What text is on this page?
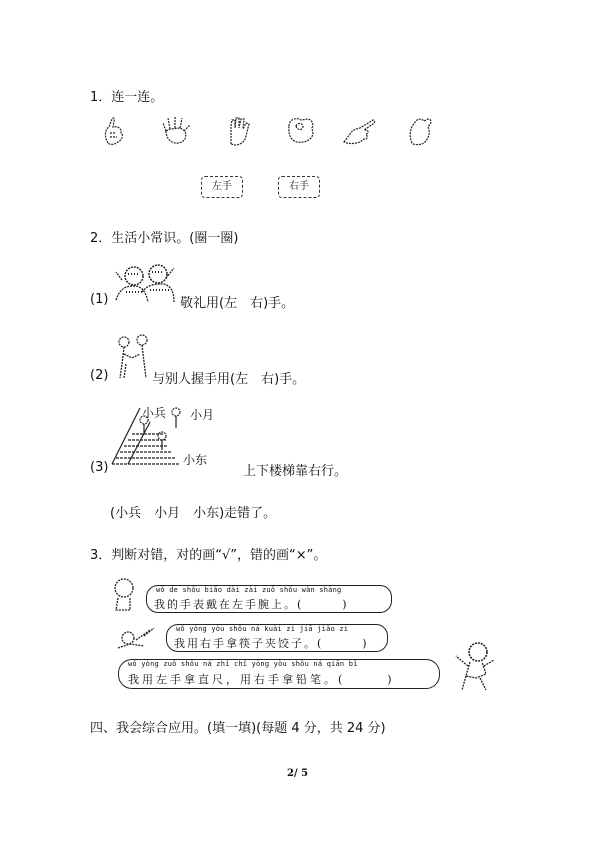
1．连一连。
左手	右手
2．生活小常识。(圈一圈)
(1)	敬礼用(左　右)手。
(2)	与别人握手用(左　右)手。
(3)
小兵 小月
小东
上下楼梯靠右行。
(小兵　小月　小东)走错了。
3．判断对错，对的画“√”，错的画“×”。
wǒ de shǒu biǎo dài zài zuǒ shǒu wàn shàng
我的手表戴在左手腕上。(　　　)
wǒ yòng yòu shǒu ná kuài zi jiā jiǎo zi
我用右手拿筷子夹饺子。(　　　)
wǒ yòng zuǒ shǒu ná zhí chǐ yòng yòu shǒu ná qiān bǐ
我用左手拿直尺，用右手拿铅笔。(　　　)
四、我会综合应用。(填一填)(每题 4 分，共 24 分)
2/ 5
